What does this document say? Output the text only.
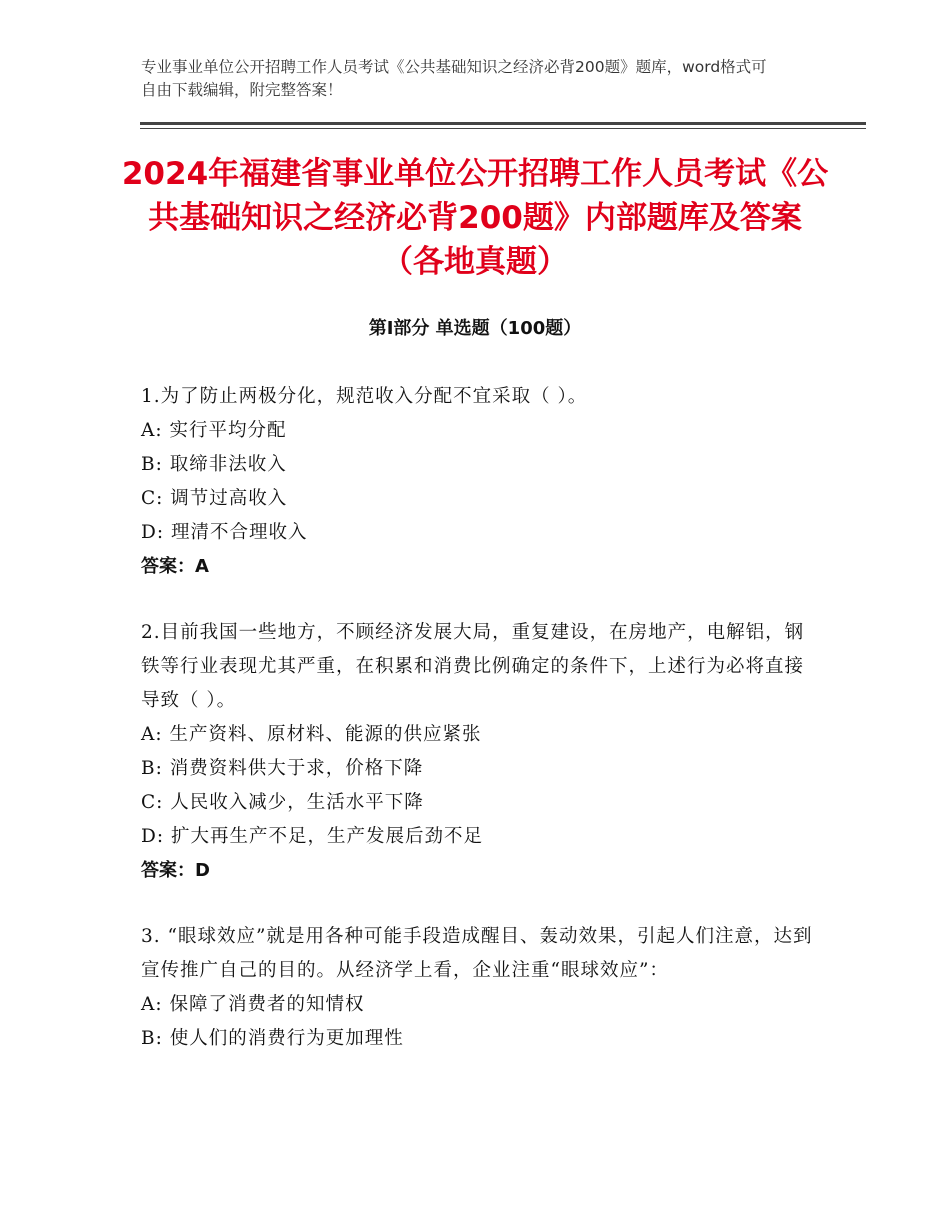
专业事业单位公开招聘工作人员考试《公共基础知识之经济必背200题》题库，word格式可自由下载编辑，附完整答案！
2024年福建省事业单位公开招聘工作人员考试《公共基础知识之经济必背200题》内部题库及答案（各地真题）
第Ⅰ部分 单选题（100题）

1.为了防止两极分化，规范收入分配不宜采取（ ）。

A: 实行平均分配

B: 取缔非法收入

C: 调节过高收入

D: 理清不合理收入

答案：A

2.目前我国一些地方，不顾经济发展大局，重复建设，在房地产，电解铝，钢铁等行业表现尤其严重，在积累和消费比例确定的条件下，上述行为必将直接导致（ ）。

A: 生产资料、原材料、能源的供应紧张

B: 消费资料供大于求，价格下降

C: 人民收入减少，生活水平下降

D: 扩大再生产不足，生产发展后劲不足

答案：D

3. “眼球效应”就是用各种可能手段造成醒目、轰动效果，引起人们注意，达到宣传推广自己的目的。从经济学上看，企业注重“眼球效应”：

A: 保障了消费者的知情权

B: 使人们的消费行为更加理性
